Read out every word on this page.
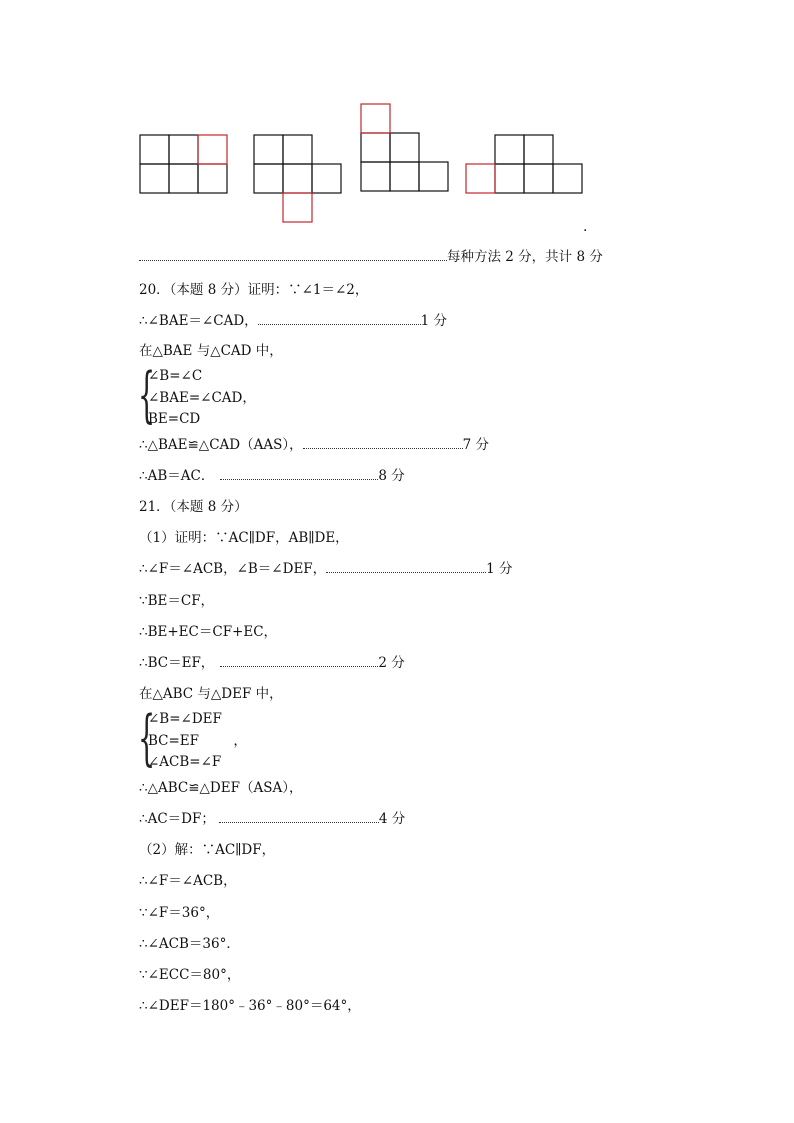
.
每种方法 2 分，共计 8 分
20．（本题 8 分）证明：∵∠1＝∠2，
∴∠BAE＝∠CAD，	1 分
在△BAE 与△CAD 中，
{
∠B=∠C
∠BAE=∠CAD，
BE=CD
∴△BAE≌△CAD（AAS），	7 分
∴AB＝AC．	8 分
21．（本题 8 分）
（1）证明：∵AC∥DF，AB∥DE，
∴∠F＝∠ACB，∠B＝∠DEF，	1 分
∵BE＝CF，
∴BE+EC＝CF+EC，
∴BC＝EF，	2 分
在△ABC 与△DEF 中，
{
∠B=∠DEF
BC=EF        ，
∠ACB=∠F
∴△ABC≌△DEF（ASA），
∴AC＝DF；	4 分
（2）解：∵AC∥DF，
∴∠F＝∠ACB，
∵∠F＝36°，
∴∠ACB＝36°．
∵∠ECC＝80°，
∴∠DEF＝180°﹣36°﹣80°＝64°，
